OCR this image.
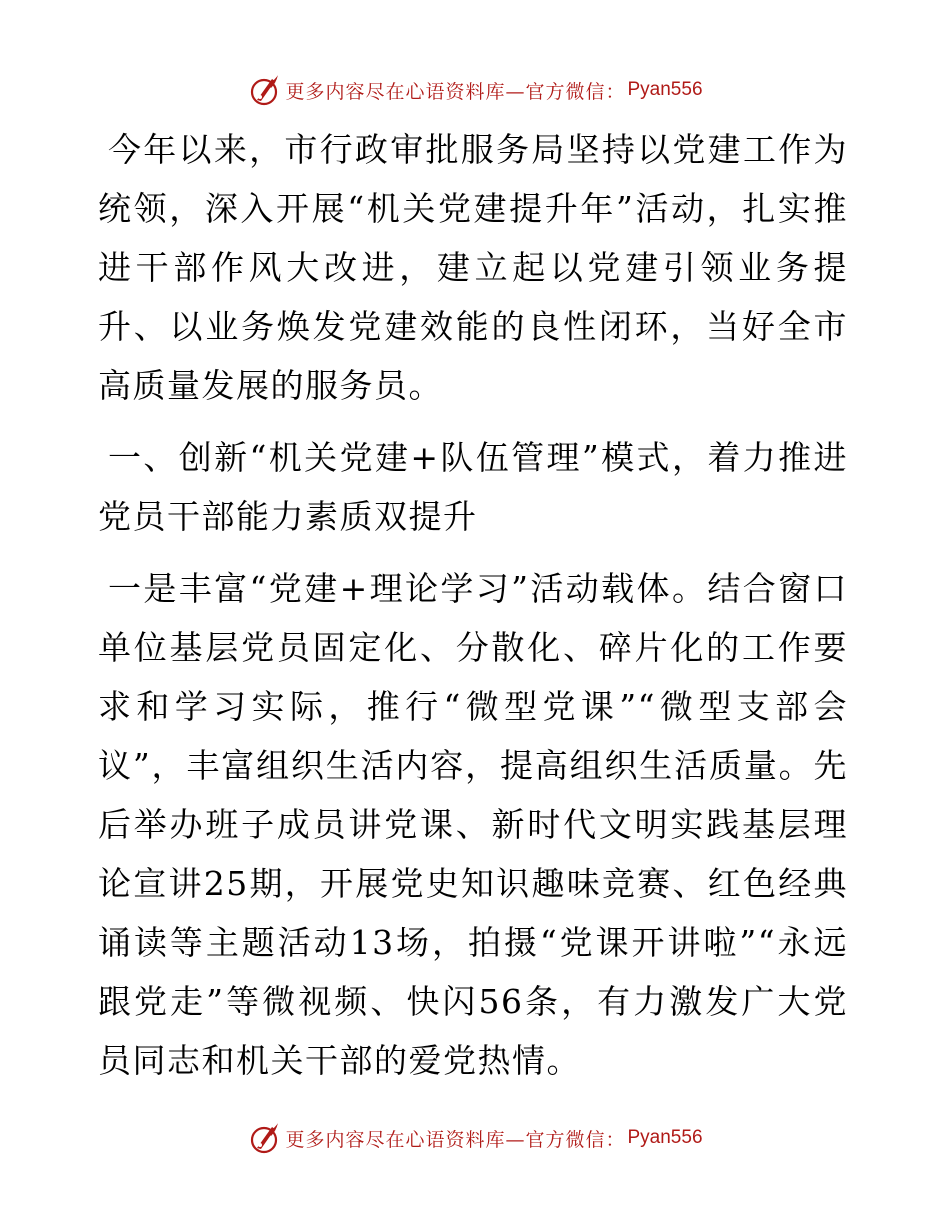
更多内容尽在心语资料库—官方微信： Pyan556

今年以来，市行政审批服务局坚持以党建工作为统领，深入开展“机关党建提升年”活动，扎实推进干部作风大改进，建立起以党建引领业务提升、以业务焕发党建效能的良性闭环，当好全市高质量发展的服务员。

一、创新“机关党建+队伍管理”模式，着力推进党员干部能力素质双提升

一是丰富“党建+理论学习”活动载体。结合窗口单位基层党员固定化、分散化、碎片化的工作要求和学习实际，推行“微型党课”“微型支部会议”，丰富组织生活内容，提高组织生活质量。先后举办班子成员讲党课、新时代文明实践基层理论宣讲25期，开展党史知识趣味竞赛、红色经典诵读等主题活动13场，拍摄“党课开讲啦”“永远跟党走”等微视频、快闪56条，有力激发广大党员同志和机关干部的爱党热情。

更多内容尽在心语资料库—官方微信： Pyan556
